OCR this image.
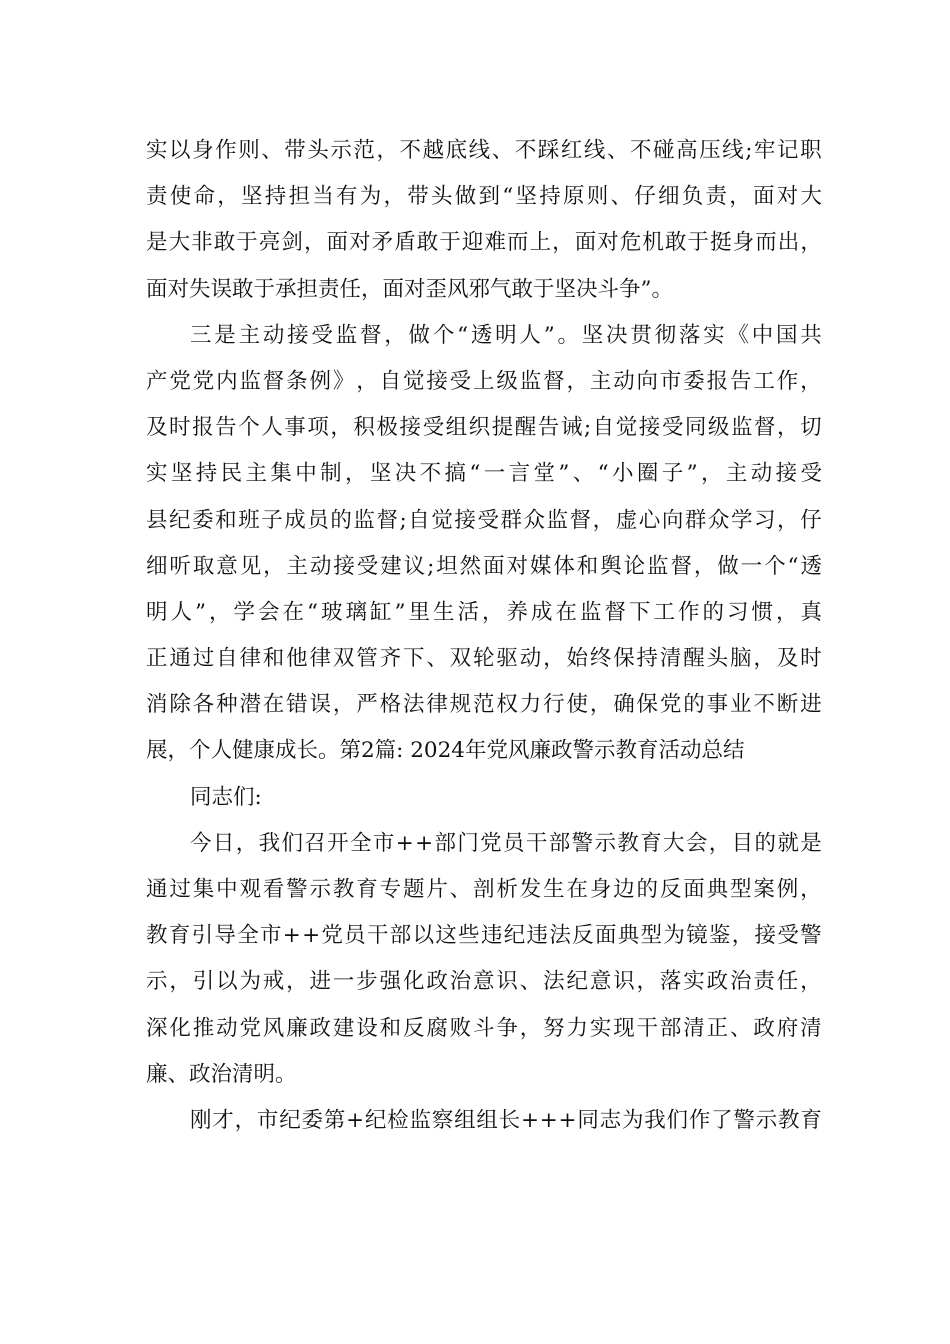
实 以 身 作 则 、 带 头 示 范 ， 不 越 底 线 、 不 踩 红 线 、 不 碰 高 压 线 ; 牢 记 职
责 使 命 ， 坚 持 担 当 有 为 ， 带 头 做 到 “ 坚 持 原 则 、 仔 细 负 责 ， 面 对 大
是 大 非 敢 于 亮 剑 ， 面 对 矛 盾 敢 于 迎 难 而 上 ， 面 对 危 机 敢 于 挺 身 而 出 ，
面对失误敢于承担责任，面对歪风邪气敢于坚决斗争”。
三 是 主 动 接 受 监 督 ， 做 个 “ 透 明 人 ” 。 坚 决 贯 彻 落 实 《 中 国 共
产 党 党 内 监 督 条 例 》 ， 自 觉 接 受 上 级 监 督 ， 主 动 向 市 委 报 告 工 作 ，
及 时 报 告 个 人 事 项 ， 积 极 接 受 组 织 提 醒 告 诫 ; 自 觉 接 受 同 级 监 督 ， 切
实 坚 持 民 主 集 中 制 ， 坚 决 不 搞 “ 一 言 堂 ” 、 “ 小 圈 子 ” ， 主 动 接 受
县 纪 委 和 班 子 成 员 的 监 督 ; 自 觉 接 受 群 众 监 督 ， 虚 心 向 群 众 学 习 ， 仔
细 听 取 意 见 ， 主 动 接 受 建 议 ; 坦 然 面 对 媒 体 和 舆 论 监 督 ， 做 一 个 “ 透
明 人 ” ， 学 会 在 “ 玻 璃 缸 ” 里 生 活 ， 养 成 在 监 督 下 工 作 的 习 惯 ， 真
正 通 过 自 律 和 他 律 双 管 齐 下 、 双 轮 驱 动 ， 始 终 保 持 清 醒 头 脑 ， 及 时
消 除 各 种 潜 在 错 误 ， 严 格 法 律 规 范 权 力 行 使 ， 确 保 党 的 事 业 不 断 进
展，个人健康成长。第2篇: 2024年党风廉政警示教育活动总结
同志们:
今 日 ， 我 们 召 开 全 市 + + 部 门 党 员 干 部 警 示 教 育 大 会 ， 目 的 就 是
通 过 集 中 观 看 警 示 教 育 专 题 片 、 剖 析 发 生 在 身 边 的 反 面 典 型 案 例 ，
教 育 引 导 全 市 + + 党 员 干 部 以 这 些 违 纪 违 法 反 面 典 型 为 镜 鉴 ， 接 受 警
示 ， 引 以 为 戒 ， 进 一 步 强 化 政 治 意 识 、 法 纪 意 识 ， 落 实 政 治 责 任 ，
深 化 推 动 党 风 廉 政 建 设 和 反 腐 败 斗 争 ， 努 力 实 现 干 部 清 正 、 政 府 清
廉、政治清明。
刚 才 ， 市 纪 委 第 + 纪 检 监 察 组 组 长 + + + 同 志 为 我 们 作 了 警 示 教 育
